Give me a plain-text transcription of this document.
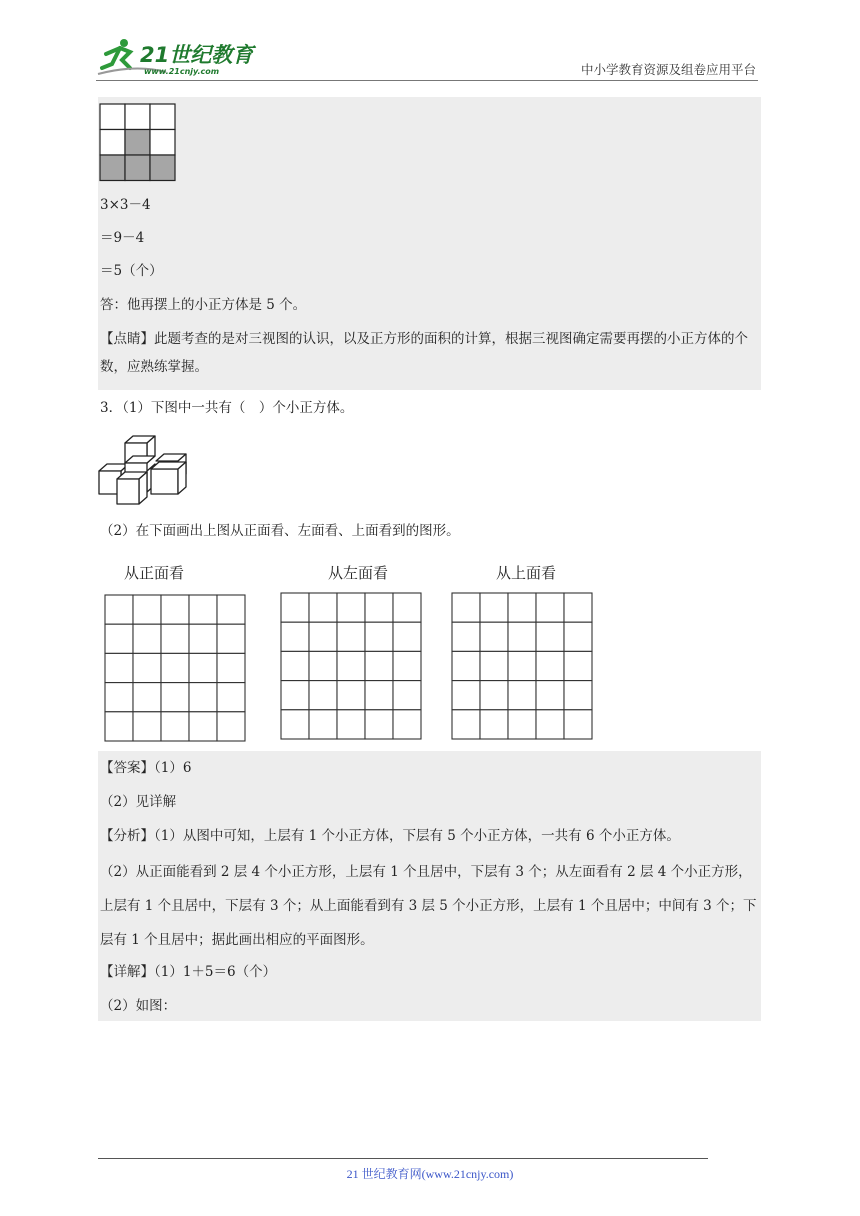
21世纪教育
www.21cnjy.com	中小学教育资源及组卷应用平台
3×3－4
＝9－4
＝5（个）
答：他再摆上的小正方体是 5 个。
【点睛】此题考查的是对三视图的认识，以及正方形的面积的计算，根据三视图确定需要再摆的小正方体的个数，应熟练掌握。
3．（1）下图中一共有（　）个小正方体。
（2）在下面画出上图从正面看、左面看、上面看到的图形。
从正面看	从左面看	从上面看
【答案】（1）6
（2）见详解
【分析】（1）从图中可知，上层有 1 个小正方体，下层有 5 个小正方体，一共有 6 个小正方体。
（2）从正面能看到 2 层 4 个小正方形，上层有 1 个且居中，下层有 3 个；从左面看有 2 层 4 个小正方形，上层有 1 个且居中，下层有 3 个；从上面能看到有 3 层 5 个小正方形，上层有 1 个且居中；中间有 3 个；下层有 1 个且居中；据此画出相应的平面图形。
【详解】（1）1＋5＝6（个）
（2）如图：
21 世纪教育网(www.21cnjy.com)
